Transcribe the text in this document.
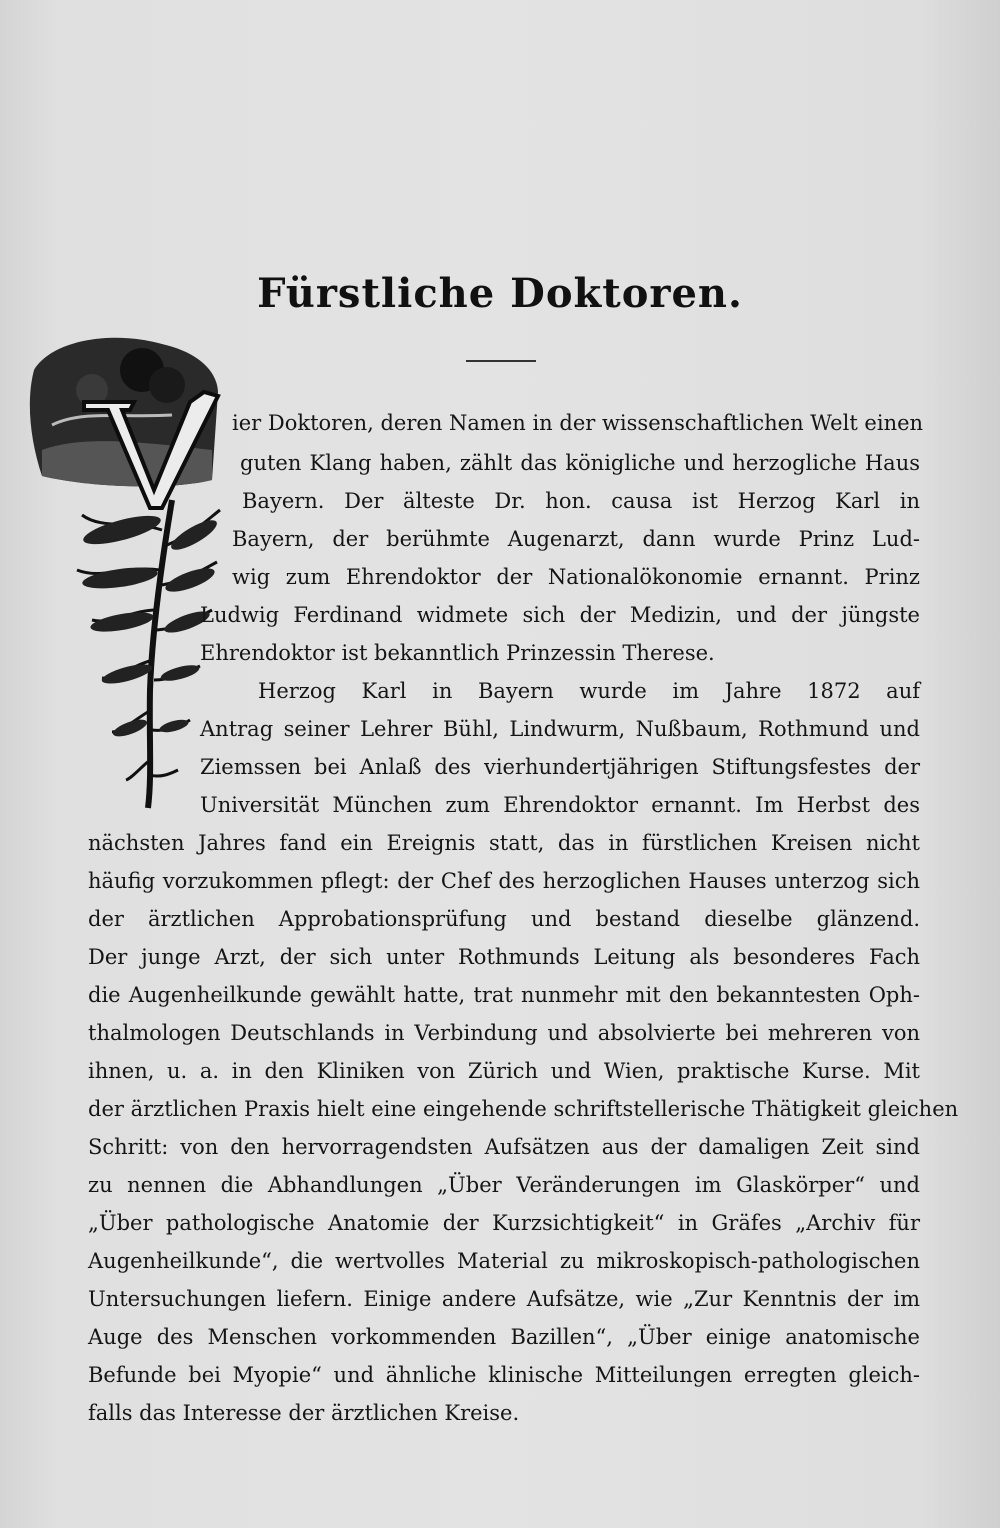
Fürstliche Doktoren.
ier Doktoren, deren Namen in der wissenschaftlichen Welt einen
guten Klang haben, zählt das königliche und herzogliche Haus
Bayern. Der älteste Dr. hon. causa ist Herzog Karl in
Bayern, der berühmte Augenarzt, dann wurde Prinz Lud-
wig zum Ehrendoktor der Nationalökonomie ernannt. Prinz
Ludwig Ferdinand widmete sich der Medizin, und der jüngste
Ehrendoktor ist bekanntlich Prinzessin Therese.
Herzog Karl in Bayern wurde im Jahre 1872 auf
Antrag seiner Lehrer Bühl, Lindwurm, Nußbaum, Rothmund und
Ziemssen bei Anlaß des vierhundertjährigen Stiftungsfestes der
Universität München zum Ehrendoktor ernannt. Im Herbst des
nächsten Jahres fand ein Ereignis statt, das in fürstlichen Kreisen nicht
häufig vorzukommen pflegt: der Chef des herzoglichen Hauses unterzog sich
der ärztlichen Approbationsprüfung und bestand dieselbe glänzend.
Der junge Arzt, der sich unter Rothmunds Leitung als besonderes Fach
die Augenheilkunde gewählt hatte, trat nunmehr mit den bekanntesten Oph-
thalmologen Deutschlands in Verbindung und absolvierte bei mehreren von
ihnen, u. a. in den Kliniken von Zürich und Wien, praktische Kurse. Mit
der ärztlichen Praxis hielt eine eingehende schriftstellerische Thätigkeit gleichen
Schritt: von den hervorragendsten Aufsätzen aus der damaligen Zeit sind
zu nennen die Abhandlungen „Über Veränderungen im Glaskörper“ und
„Über pathologische Anatomie der Kurzsichtigkeit“ in Gräfes „Archiv für
Augenheilkunde“, die wertvolles Material zu mikroskopisch-pathologischen
Untersuchungen liefern. Einige andere Aufsätze, wie „Zur Kenntnis der im
Auge des Menschen vorkommenden Bazillen“, „Über einige anatomische
Befunde bei Myopie“ und ähnliche klinische Mitteilungen erregten gleich-
falls das Interesse der ärztlichen Kreise.
